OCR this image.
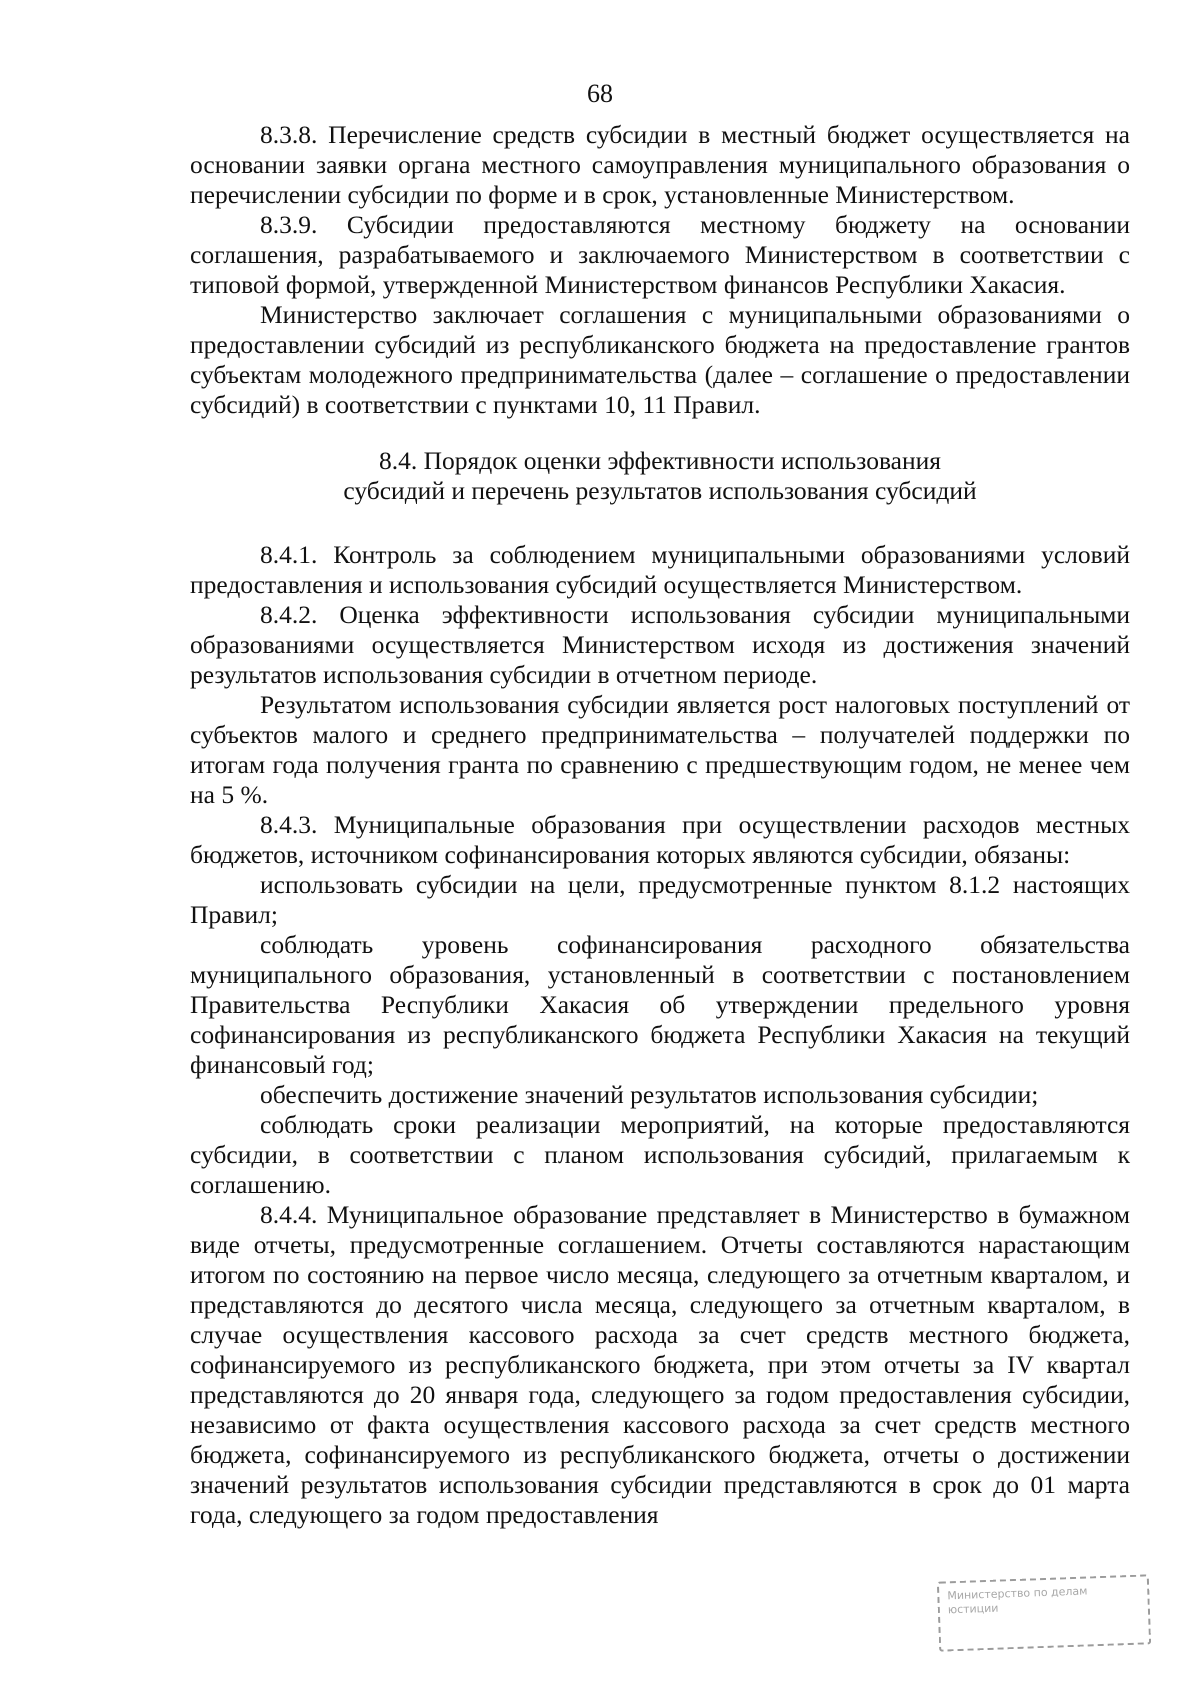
68

8.3.8. Перечисление средств субсидии в местный бюджет осуществляется на основании заявки органа местного самоуправления муниципального образования о перечислении субсидии по форме и в срок, установленные Министерством.

8.3.9. Субсидии предоставляются местному бюджету на основании соглашения, разрабатываемого и заключаемого Министерством в соответствии с типовой формой, утвержденной Министерством финансов Республики Хакасия.

Министерство заключает соглашения с муниципальными образованиями о предоставлении субсидий из республиканского бюджета на предоставление грантов субъектам молодежного предпринимательства (далее – соглашение о предоставлении субсидий) в соответствии с пунктами 10, 11 Правил.

8.4. Порядок оценки эффективности использования
субсидий и перечень результатов использования субсидий

8.4.1. Контроль за соблюдением муниципальными образованиями условий предоставления и использования субсидий осуществляется Министерством.

8.4.2. Оценка эффективности использования субсидии муниципальными образованиями осуществляется Министерством исходя из достижения значений результатов использования субсидии в отчетном периоде.

Результатом использования субсидии является рост налоговых поступлений от субъектов малого и среднего предпринимательства – получателей поддержки по итогам года получения гранта по сравнению с предшествующим годом, не менее чем на 5 %.

8.4.3. Муниципальные образования при осуществлении расходов местных бюджетов, источником софинансирования которых являются субсидии, обязаны:

использовать субсидии на цели, предусмотренные пунктом 8.1.2 настоящих Правил;

соблюдать уровень софинансирования расходного обязательства муниципального образования, установленный в соответствии с постановлением Правительства Республики Хакасия об утверждении предельного уровня софинансирования из республиканского бюджета Республики Хакасия на текущий финансовый год;

обеспечить достижение значений результатов использования субсидии;

соблюдать сроки реализации мероприятий, на которые предоставляются субсидии, в соответствии с планом использования субсидий, прилагаемым к соглашению.

8.4.4. Муниципальное образование представляет в Министерство в бумажном виде отчеты, предусмотренные соглашением. Отчеты составляются нарастающим итогом по состоянию на первое число месяца, следующего за отчетным кварталом, и представляются до десятого числа месяца, следующего за отчетным кварталом, в случае осуществления кассового расхода за счет средств местного бюджета, софинансируемого из республиканского бюджета, при этом отчеты за IV квартал представляются до 20 января года, следующего за годом предоставления субсидии, независимо от факта осуществления кассового расхода за счет средств местного бюджета, софинансируемого из республиканского бюджета, отчеты о достижении значений результатов использования субсидии представляются в срок до 01 марта года, следующего за годом предоставления

Министерство по делам
юстиции
